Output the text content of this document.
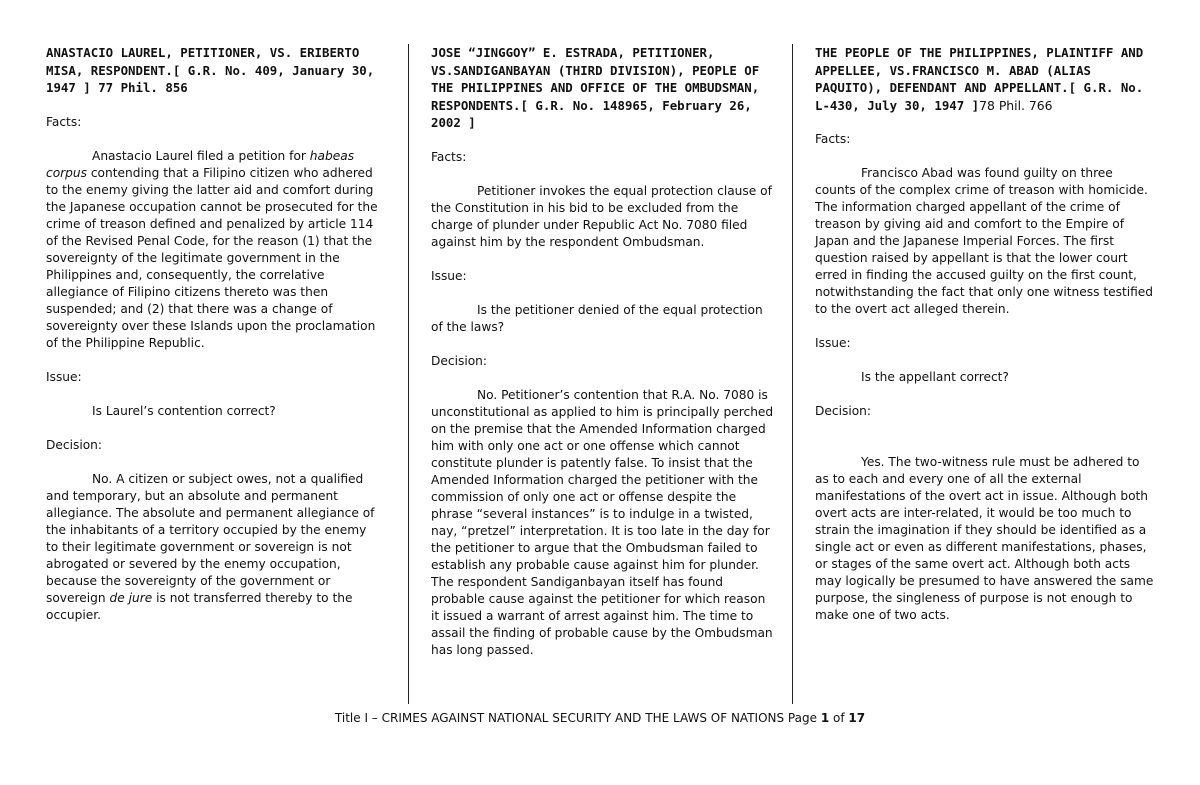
ANASTACIO LAUREL, PETITIONER, VS. ERIBERTO MISA, RESPONDENT.[ G.R. No. 409, January 30, 1947 ] 77 Phil. 856

Facts:

Anastacio Laurel filed a petition for habeas corpus contending that a Filipino citizen who adhered to the enemy giving the latter aid and comfort during the Japanese occupation cannot be prosecuted for the crime of treason defined and penalized by article 114 of the Revised Penal Code, for the reason (1) that the sovereignty of the legitimate government in the Philippines and, consequently, the correlative allegiance of Filipino citizens thereto was then suspended; and (2) that there was a change of sovereignty over these Islands upon the proclamation of the Philippine Republic.

Issue:

Is Laurel’s contention correct?

Decision:

No. A citizen or subject owes, not a qualified and temporary, but an absolute and permanent allegiance. The absolute and permanent allegiance of the inhabitants of a territory occupied by the enemy to their legitimate government or sovereign is not abrogated or severed by the enemy occupation, because the sovereignty of the government or sovereign de jure is not transferred thereby to the occupier.

JOSE “JINGGOY” E. ESTRADA, PETITIONER, VS.SANDIGANBAYAN (THIRD DIVISION), PEOPLE OF THE PHILIPPINES AND OFFICE OF THE OMBUDSMAN, RESPONDENTS.[ G.R. No. 148965, February 26, 2002 ]

Facts:

Petitioner invokes the equal protection clause of the Constitution in his bid to be excluded from the charge of plunder under Republic Act No. 7080 filed against him by the respondent Ombudsman.

Issue:

Is the petitioner denied of the equal protection of the laws?

Decision:

No. Petitioner’s contention that R.A. No. 7080 is unconstitutional as applied to him is principally perched on the premise that the Amended Information charged him with only one act or one offense which cannot constitute plunder is patently false. To insist that the Amended Information charged the petitioner with the commission of only one act or offense despite the phrase “several instances” is to indulge in a twisted, nay, “pretzel” interpretation. It is too late in the day for the petitioner to argue that the Ombudsman failed to establish any probable cause against him for plunder. The respondent Sandiganbayan itself has found probable cause against the petitioner for which reason it issued a warrant of arrest against him. The time to assail the finding of probable cause by the Ombudsman has long passed.

THE PEOPLE OF THE PHILIPPINES, PLAINTIFF AND APPELLEE, VS.FRANCISCO M. ABAD (ALIAS PAQUITO), DEFENDANT AND APPELLANT.[ G.R. No. L-430, July 30, 1947 ]78 Phil. 766

Facts:

Francisco Abad was found guilty on three counts of the complex crime of treason with homicide. The information charged appellant of the crime of treason by giving aid and comfort to the Empire of Japan and the Japanese Imperial Forces. The first question raised by appellant is that the lower court erred in finding the accused guilty on the first count, notwithstanding the fact that only one witness testified to the overt act alleged therein.

Issue:

Is the appellant correct?

Decision:

Yes. The two-witness rule must be adhered to as to each and every one of all the external manifestations of the overt act in issue. Although both overt acts are inter-related, it would be too much to strain the imagination if they should be identified as a single act or even as different manifestations, phases, or stages of the same overt act. Although both acts may logically be presumed to have answered the same purpose, the singleness of purpose is not enough to make one of two acts.

Title I – CRIMES AGAINST NATIONAL SECURITY AND THE LAWS OF NATIONS Page 1 of 17
